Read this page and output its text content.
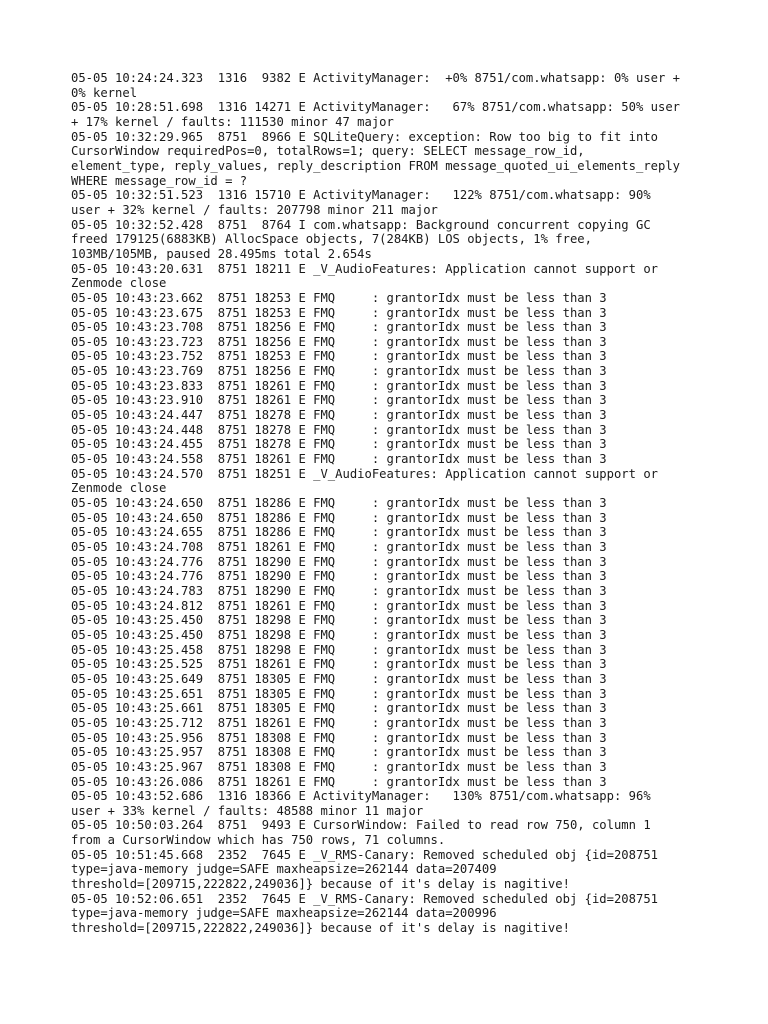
05-05 10:24:24.323  1316  9382 E ActivityManager:  +0% 8751/com.whatsapp: 0% user +
0% kernel
05-05 10:28:51.698  1316 14271 E ActivityManager:   67% 8751/com.whatsapp: 50% user
+ 17% kernel / faults: 111530 minor 47 major
05-05 10:32:29.965  8751  8966 E SQLiteQuery: exception: Row too big to fit into
CursorWindow requiredPos=0, totalRows=1; query: SELECT message_row_id,
element_type, reply_values, reply_description FROM message_quoted_ui_elements_reply
WHERE message_row_id = ?
05-05 10:32:51.523  1316 15710 E ActivityManager:   122% 8751/com.whatsapp: 90%
user + 32% kernel / faults: 207798 minor 211 major
05-05 10:32:52.428  8751  8764 I com.whatsapp: Background concurrent copying GC
freed 179125(6883KB) AllocSpace objects, 7(284KB) LOS objects, 1% free,
103MB/105MB, paused 28.495ms total 2.654s
05-05 10:43:20.631  8751 18211 E _V_AudioFeatures: Application cannot support or
Zenmode close
05-05 10:43:23.662  8751 18253 E FMQ     : grantorIdx must be less than 3
05-05 10:43:23.675  8751 18253 E FMQ     : grantorIdx must be less than 3
05-05 10:43:23.708  8751 18256 E FMQ     : grantorIdx must be less than 3
05-05 10:43:23.723  8751 18256 E FMQ     : grantorIdx must be less than 3
05-05 10:43:23.752  8751 18253 E FMQ     : grantorIdx must be less than 3
05-05 10:43:23.769  8751 18256 E FMQ     : grantorIdx must be less than 3
05-05 10:43:23.833  8751 18261 E FMQ     : grantorIdx must be less than 3
05-05 10:43:23.910  8751 18261 E FMQ     : grantorIdx must be less than 3
05-05 10:43:24.447  8751 18278 E FMQ     : grantorIdx must be less than 3
05-05 10:43:24.448  8751 18278 E FMQ     : grantorIdx must be less than 3
05-05 10:43:24.455  8751 18278 E FMQ     : grantorIdx must be less than 3
05-05 10:43:24.558  8751 18261 E FMQ     : grantorIdx must be less than 3
05-05 10:43:24.570  8751 18251 E _V_AudioFeatures: Application cannot support or
Zenmode close
05-05 10:43:24.650  8751 18286 E FMQ     : grantorIdx must be less than 3
05-05 10:43:24.650  8751 18286 E FMQ     : grantorIdx must be less than 3
05-05 10:43:24.655  8751 18286 E FMQ     : grantorIdx must be less than 3
05-05 10:43:24.708  8751 18261 E FMQ     : grantorIdx must be less than 3
05-05 10:43:24.776  8751 18290 E FMQ     : grantorIdx must be less than 3
05-05 10:43:24.776  8751 18290 E FMQ     : grantorIdx must be less than 3
05-05 10:43:24.783  8751 18290 E FMQ     : grantorIdx must be less than 3
05-05 10:43:24.812  8751 18261 E FMQ     : grantorIdx must be less than 3
05-05 10:43:25.450  8751 18298 E FMQ     : grantorIdx must be less than 3
05-05 10:43:25.450  8751 18298 E FMQ     : grantorIdx must be less than 3
05-05 10:43:25.458  8751 18298 E FMQ     : grantorIdx must be less than 3
05-05 10:43:25.525  8751 18261 E FMQ     : grantorIdx must be less than 3
05-05 10:43:25.649  8751 18305 E FMQ     : grantorIdx must be less than 3
05-05 10:43:25.651  8751 18305 E FMQ     : grantorIdx must be less than 3
05-05 10:43:25.661  8751 18305 E FMQ     : grantorIdx must be less than 3
05-05 10:43:25.712  8751 18261 E FMQ     : grantorIdx must be less than 3
05-05 10:43:25.956  8751 18308 E FMQ     : grantorIdx must be less than 3
05-05 10:43:25.957  8751 18308 E FMQ     : grantorIdx must be less than 3
05-05 10:43:25.967  8751 18308 E FMQ     : grantorIdx must be less than 3
05-05 10:43:26.086  8751 18261 E FMQ     : grantorIdx must be less than 3
05-05 10:43:52.686  1316 18366 E ActivityManager:   130% 8751/com.whatsapp: 96%
user + 33% kernel / faults: 48588 minor 11 major
05-05 10:50:03.264  8751  9493 E CursorWindow: Failed to read row 750, column 1
from a CursorWindow which has 750 rows, 71 columns.
05-05 10:51:45.668  2352  7645 E _V_RMS-Canary: Removed scheduled obj {id=208751
type=java-memory judge=SAFE maxheapsize=262144 data=207409
threshold=[209715,222822,249036]} because of it's delay is nagitive!
05-05 10:52:06.651  2352  7645 E _V_RMS-Canary: Removed scheduled obj {id=208751
type=java-memory judge=SAFE maxheapsize=262144 data=200996
threshold=[209715,222822,249036]} because of it's delay is nagitive!
